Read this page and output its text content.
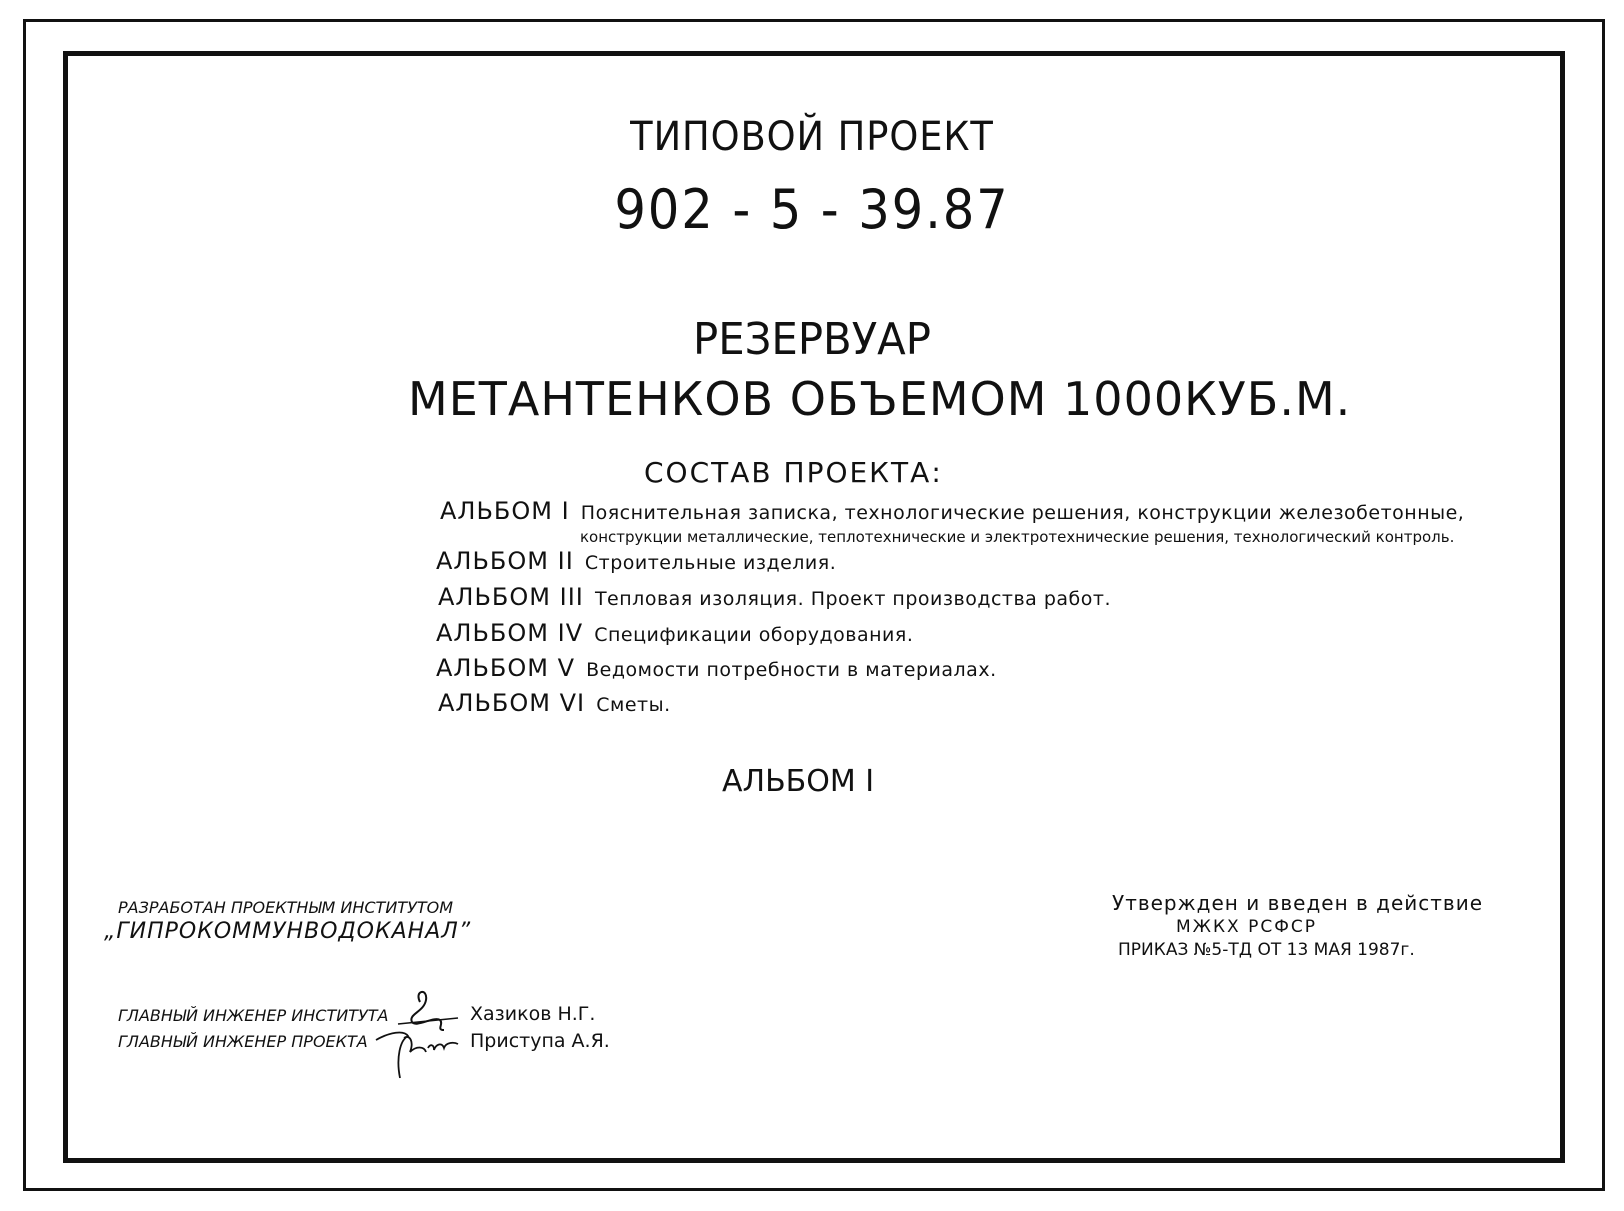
ТИПОВОЙ ПРОЕКТ
902 - 5 - 39.87
РЕЗЕРВУАР
МЕТАНТЕНКОВ ОБЪЕМОМ 1000КУБ.М.
СОСТАВ ПРОЕКТА:
АЛЬБОМ I Пояснительная записка, технологические решения, конструкции железобетонные,
конструкции металлические, теплотехнические и электротехнические решения, технологический контроль.
АЛЬБОМ II Строительные изделия.
АЛЬБОМ III Тепловая изоляция. Проект производства работ.
АЛЬБОМ IV Спецификации оборудования.
АЛЬБОМ V Ведомости потребности в материалах.
АЛЬБОМ VI Сметы.
АЛЬБОМ I
РАЗРАБОТАН ПРОЕКТНЫМ ИНСТИТУТОМ
„ГИПРОКОММУНВОДОКАНАЛ”
Утвержден и введен в действие
МЖКХ РСФСР
ПРИКАЗ №5-ТД ОТ 13 МАЯ 1987г.
ГЛАВНЫЙ ИНЖЕНЕР ИНСТИТУТА	Хазиков Н.Г.
ГЛАВНЫЙ ИНЖЕНЕР ПРОЕКТА	Приступа А.Я.
